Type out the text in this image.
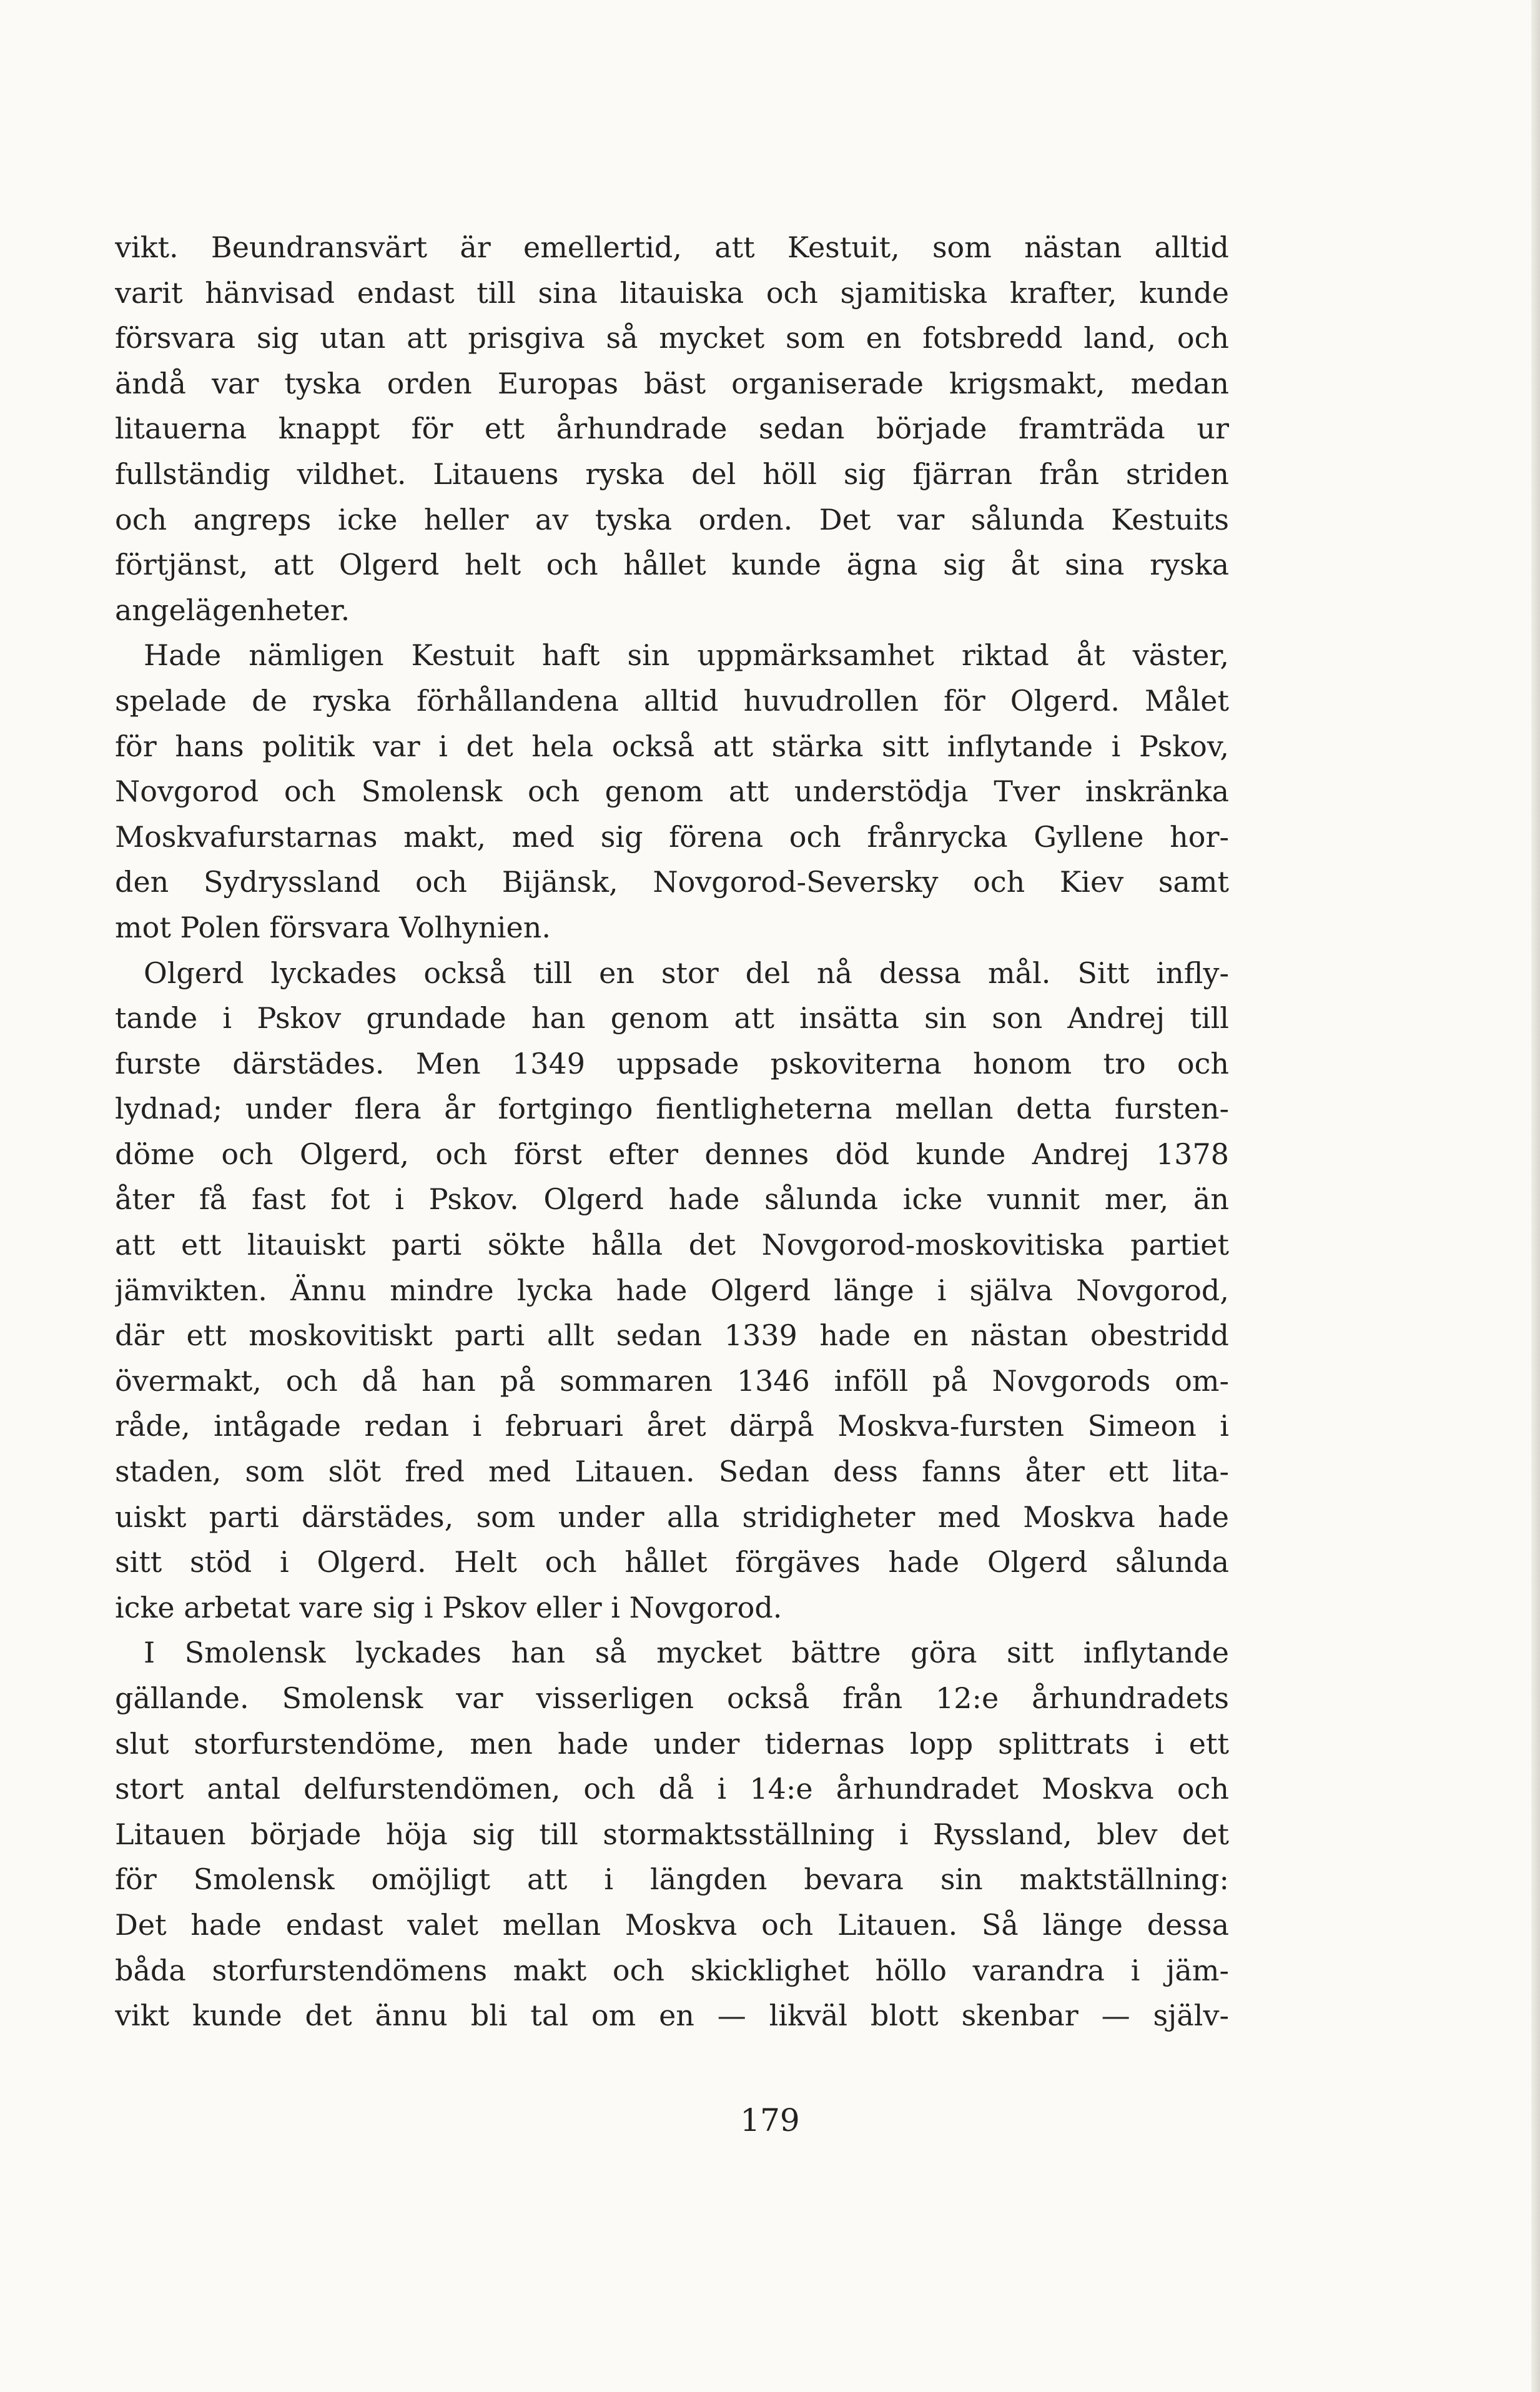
vikt. Beundransvärt är emellertid, att Kestuit, som nästan alltid
varit hänvisad endast till sina litauiska och sjamitiska krafter, kunde
försvara sig utan att prisgiva så mycket som en fotsbredd land, och
ändå var tyska orden Europas bäst organiserade krigsmakt, medan
litauerna knappt för ett århundrade sedan började framträda ur
fullständig vildhet. Litauens ryska del höll sig fjärran från striden
och angreps icke heller av tyska orden. Det var sålunda Kestuits
förtjänst, att Olgerd helt och hållet kunde ägna sig åt sina ryska
angelägenheter.
Hade nämligen Kestuit haft sin uppmärksamhet riktad åt väster,
spelade de ryska förhållandena alltid huvudrollen för Olgerd. Målet
för hans politik var i det hela också att stärka sitt inflytande i Pskov,
Novgorod och Smolensk och genom att understödja Tver inskränka
Moskvafurstarnas makt, med sig förena och frånrycka Gyllene hor-
den Sydryssland och Bijänsk, Novgorod-Seversky och Kiev samt
mot Polen försvara Volhynien.
Olgerd lyckades också till en stor del nå dessa mål. Sitt infly-
tande i Pskov grundade han genom att insätta sin son Andrej till
furste därstädes. Men 1349 uppsade pskoviterna honom tro och
lydnad; under flera år fortgingo fientligheterna mellan detta fursten-
döme och Olgerd, och först efter dennes död kunde Andrej 1378
åter få fast fot i Pskov. Olgerd hade sålunda icke vunnit mer, än
att ett litauiskt parti sökte hålla det Novgorod-moskovitiska partiet
jämvikten. Ännu mindre lycka hade Olgerd länge i själva Novgorod,
där ett moskovitiskt parti allt sedan 1339 hade en nästan obestridd
övermakt, och då han på sommaren 1346 inföll på Novgorods om-
råde, intågade redan i februari året därpå Moskva-fursten Simeon i
staden, som slöt fred med Litauen. Sedan dess fanns åter ett lita-
uiskt parti därstädes, som under alla stridigheter med Moskva hade
sitt stöd i Olgerd. Helt och hållet förgäves hade Olgerd sålunda
icke arbetat vare sig i Pskov eller i Novgorod.
I Smolensk lyckades han så mycket bättre göra sitt inflytande
gällande. Smolensk var visserligen också från 12:e århundradets
slut storfurstendöme, men hade under tidernas lopp splittrats i ett
stort antal delfurstendömen, och då i 14:e århundradet Moskva och
Litauen började höja sig till stormaktsställning i Ryssland, blev det
för Smolensk omöjligt att i längden bevara sin maktställning:
Det hade endast valet mellan Moskva och Litauen. Så länge dessa
båda storfurstendömens makt och skicklighet höllo varandra i jäm-
vikt kunde det ännu bli tal om en — likväl blott skenbar — själv-
179
